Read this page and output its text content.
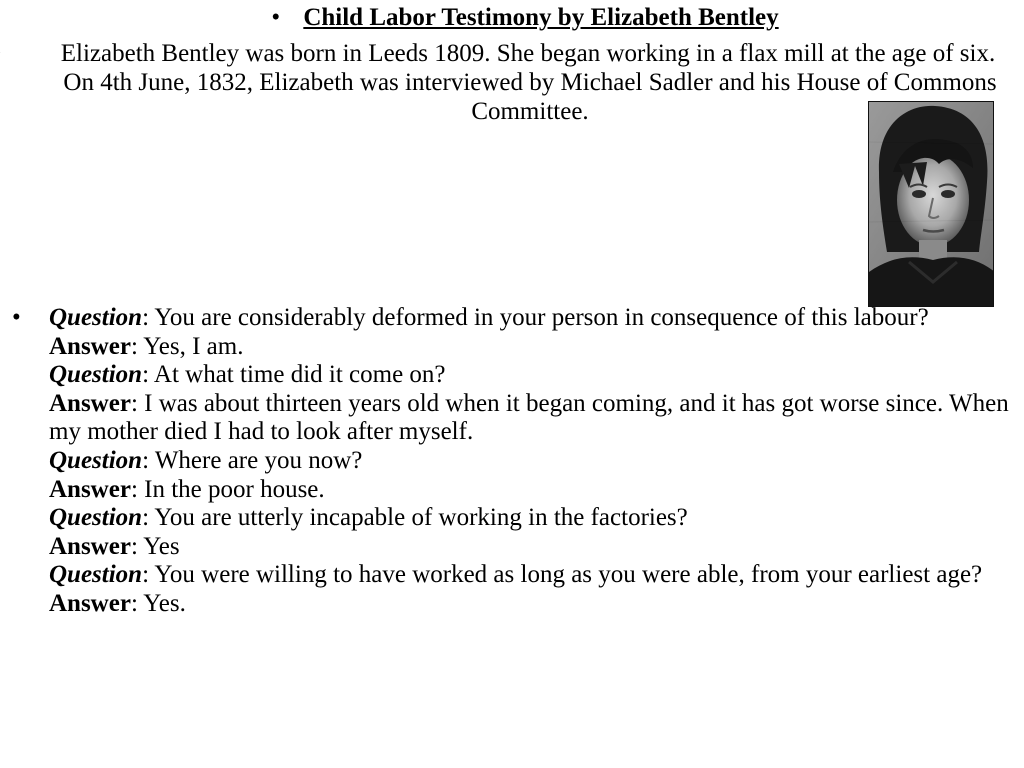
• Child Labor Testimony by Elizabeth Bentley
• Elizabeth Bentley was born in Leeds 1809. She began working in a flax mill at the age of six. On 4th June, 1832, Elizabeth was interviewed by Michael Sadler and his House of Commons Committee.
• Question: You are considerably deformed in your person in consequence of this labour?
Answer: Yes, I am.
Question: At what time did it come on?
Answer: I was about thirteen years old when it began coming, and it has got worse since. When my mother died I had to look after myself.
Question: Where are you now?
Answer: In the poor house.
Question: You are utterly incapable of working in the factories?
Answer: Yes
Question: You were willing to have worked as long as you were able, from your earliest age?
Answer: Yes.
